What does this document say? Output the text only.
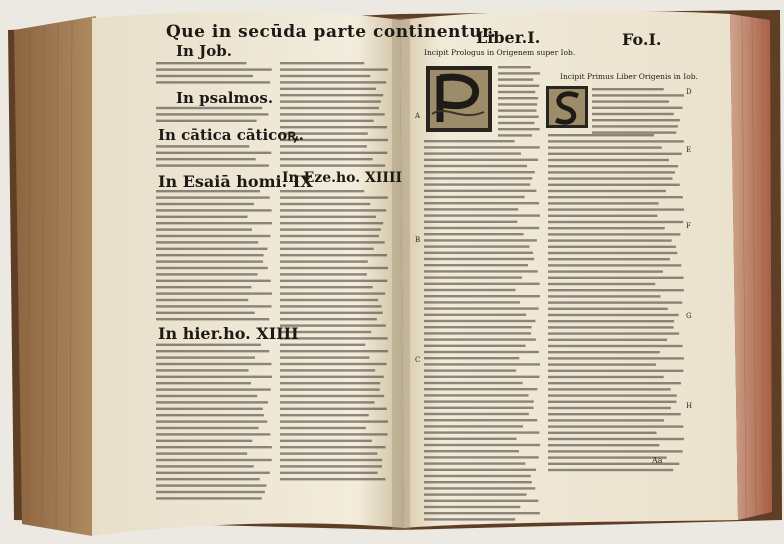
Que in secūda parte continentur.
In Job.
In psalmos.
In cātica cāticoꝶ.
In Esaiā homi. IX
In Eze.ho. XIIII
In hier.ho. XIIII
Liber.I.	Fo.I.
Incipit Prologus in Origenem super Iob.
Incipit Primus Liber Origenis in Iob.
A
B
C
D
E
F
G
H
Aa
